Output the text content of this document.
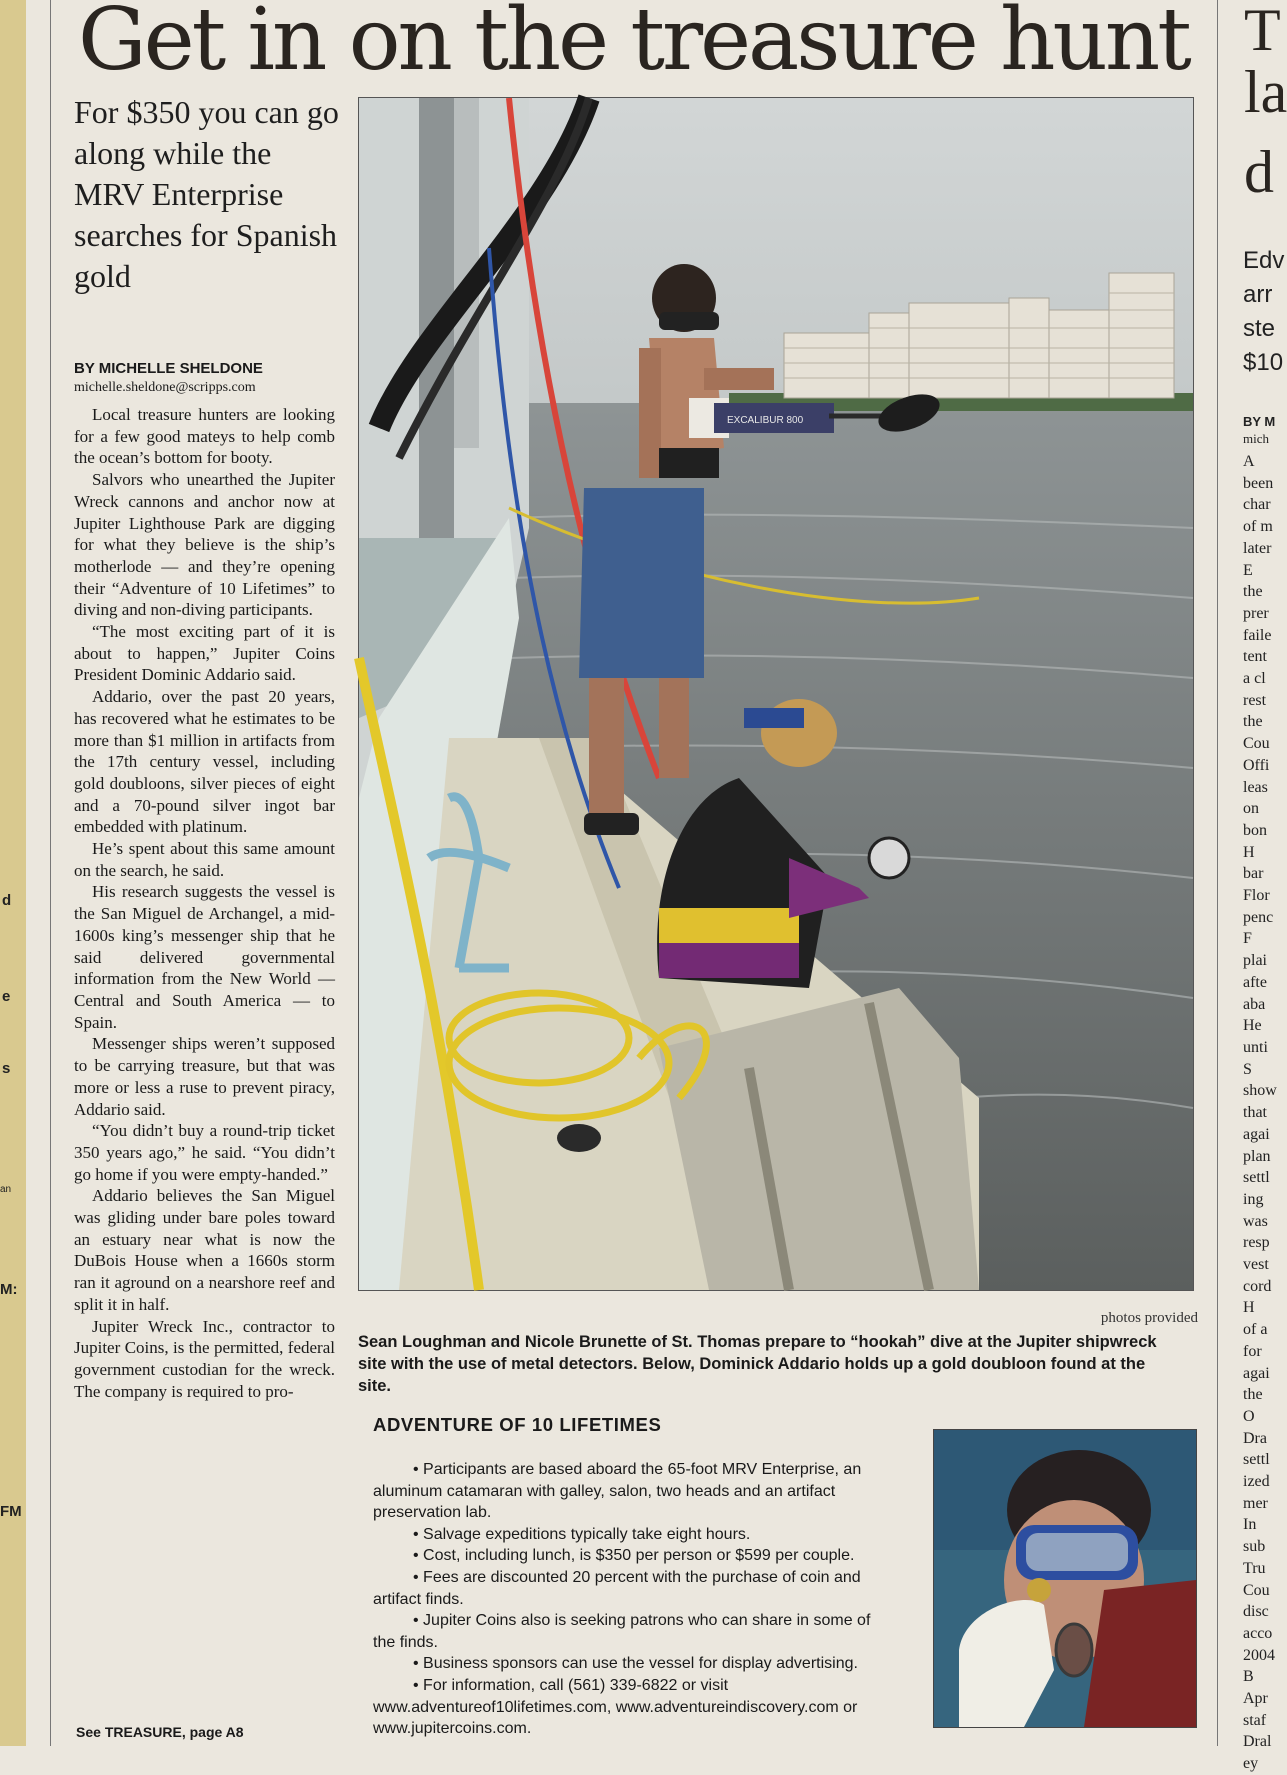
d
e
s
an
M:
FM
Get in on the treasure hunt
For $350 you can go along while the MRV Enterprise searches for Spanish gold
BY MICHELLE SHELDONE
michelle.sheldone@scripps.com

Local treasure hunters are looking for a few good mateys to help comb the ocean’s bottom for booty.

Salvors who unearthed the Jupiter Wreck cannons and anchor now at Jupiter Lighthouse Park are digging for what they believe is the ship’s motherlode — and they’re opening their “Adventure of 10 Lifetimes” to diving and non-diving participants.

“The most exciting part of it is about to happen,” Jupiter Coins President Dominic Addario said.

Addario, over the past 20 years, has recovered what he estimates to be more than $1 million in artifacts from the 17th century vessel, including gold doubloons, silver pieces of eight and a 70-pound silver ingot bar embedded with platinum.

He’s spent about this same amount on the search, he said.

His research suggests the vessel is the San Miguel de Archangel, a mid-1600s king’s messenger ship that he said delivered governmental information from the New World — Central and South America — to Spain.

Messenger ships weren’t supposed to be carrying treasure, but that was more or less a ruse to prevent piracy, Addario said.

“You didn’t buy a round-trip ticket 350 years ago,” he said. “You didn’t go home if you were empty-handed.”

Addario believes the San Miguel was gliding under bare poles toward an estuary near what is now the DuBois House when a 1660s storm ran it aground on a nearshore reef and split it in half.

Jupiter Wreck Inc., contractor to Jupiter Coins, is the permitted, federal government custodian for the wreck. The company is required to pro-

See TREASURE, page A8
EXCALIBUR 800
photos provided
Sean Loughman and Nicole Brunette of St. Thomas prepare to “hookah” dive at the Jupiter shipwreck site with the use of metal detectors. Below, Dominick Addario holds up a gold doubloon found at the site.
ADVENTURE OF 10 LIFETIMES
• Participants are based aboard the 65-foot MRV Enterprise, an aluminum catamaran with galley, salon, two heads and an artifact preservation lab.
• Salvage expeditions typically take eight hours.
• Cost, including lunch, is $350 per person or $599 per couple.
• Fees are discounted 20 percent with the purchase of coin and artifact finds.
• Jupiter Coins also is seeking patrons who can share in some of the finds.
• Business sponsors can use the vessel for display advertising.
• For information, call (561) 339-6822 or visit www.adventureof10lifetimes.com, www.adventureindiscovery.com or www.jupitercoins.com.
T
la
d
Edv
arr
ste
$10
BY M
mich
A
been
char
of m
later
E
the
prer
faile
tent
a cl
rest
the
Cou
Offi
leas
on
bon
H
bar
Flor
penc
F
plai
afte
aba
He
unti
S
show
that
agai
plan
settl
ing
was
resp
vest
cord
H
of a
for
agai
the
O
Dra
settl
ized
mer
In
sub
Tru
Cou
disc
acco
2004
B
Apr
staf
Dral
ey
